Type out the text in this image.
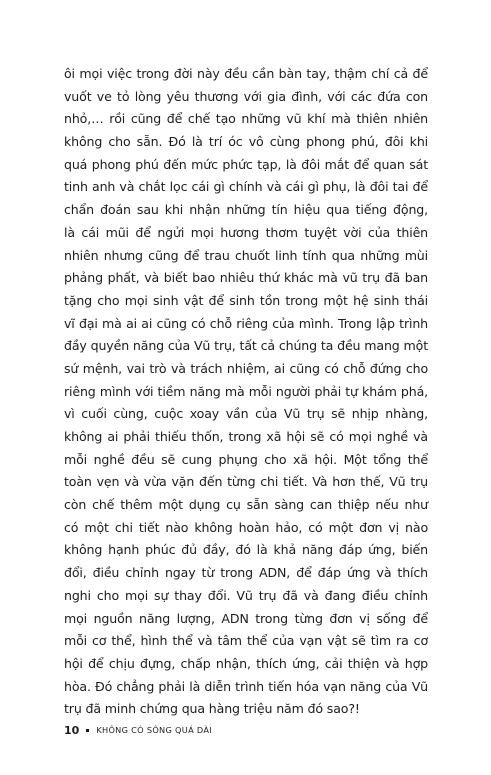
ôi mọi việc trong đời này đều cần bàn tay, thậm chí cả để
vuốt ve tỏ lòng yêu thương với gia đình, với các đứa con
nhỏ,… rồi cũng để chế tạo những vũ khí mà thiên nhiên
không cho sẵn. Đó là trí óc vô cùng phong phú, đôi khi
quá phong phú đến mức phức tạp, là đôi mắt để quan sát
tinh anh và chắt lọc cái gì chính và cái gì phụ, là đôi tai để
chẩn đoán sau khi nhận những tín hiệu qua tiếng động,
là cái mũi để ngửi mọi hương thơm tuyệt vời của thiên
nhiên nhưng cũng để trau chuốt linh tính qua những mùi
phảng phất, và biết bao nhiêu thứ khác mà vũ trụ đã ban
tặng cho mọi sinh vật để sinh tồn trong một hệ sinh thái
vĩ đại mà ai ai cũng có chỗ riêng của mình. Trong lập trình
đầy quyền năng của Vũ trụ, tất cả chúng ta đều mang một
sứ mệnh, vai trò và trách nhiệm, ai cũng có chỗ đứng cho
riêng mình với tiềm năng mà mỗi người phải tự khám phá,
vì cuối cùng, cuộc xoay vần của Vũ trụ sẽ nhịp nhàng,
không ai phải thiếu thốn, trong xã hội sẽ có mọi nghề và
mỗi nghề đều sẽ cung phụng cho xã hội. Một tổng thể
toàn vẹn và vừa vặn đến từng chi tiết. Và hơn thế, Vũ trụ
còn chế thêm một dụng cụ sẵn sàng can thiệp nếu như
có một chi tiết nào không hoàn hảo, có một đơn vị nào
không hạnh phúc đủ đầy, đó là khả năng đáp ứng, biến
đổi, điều chỉnh ngay từ trong ADN, để đáp ứng và thích
nghi cho mọi sự thay đổi. Vũ trụ đã và đang điều chỉnh
mọi nguồn năng lượng, ADN trong từng đơn vị sống để
mỗi cơ thể, hình thể và tâm thể của vạn vật sẽ tìm ra cơ
hội để chịu đựng, chấp nhận, thích ứng, cải thiện và hợp
hòa. Đó chẳng phải là diễn trình tiến hóa vạn năng của Vũ
trụ đã minh chứng qua hàng triệu năm đó sao?!
10 KHÔNG CÓ SÔNG QUÁ DÀI
